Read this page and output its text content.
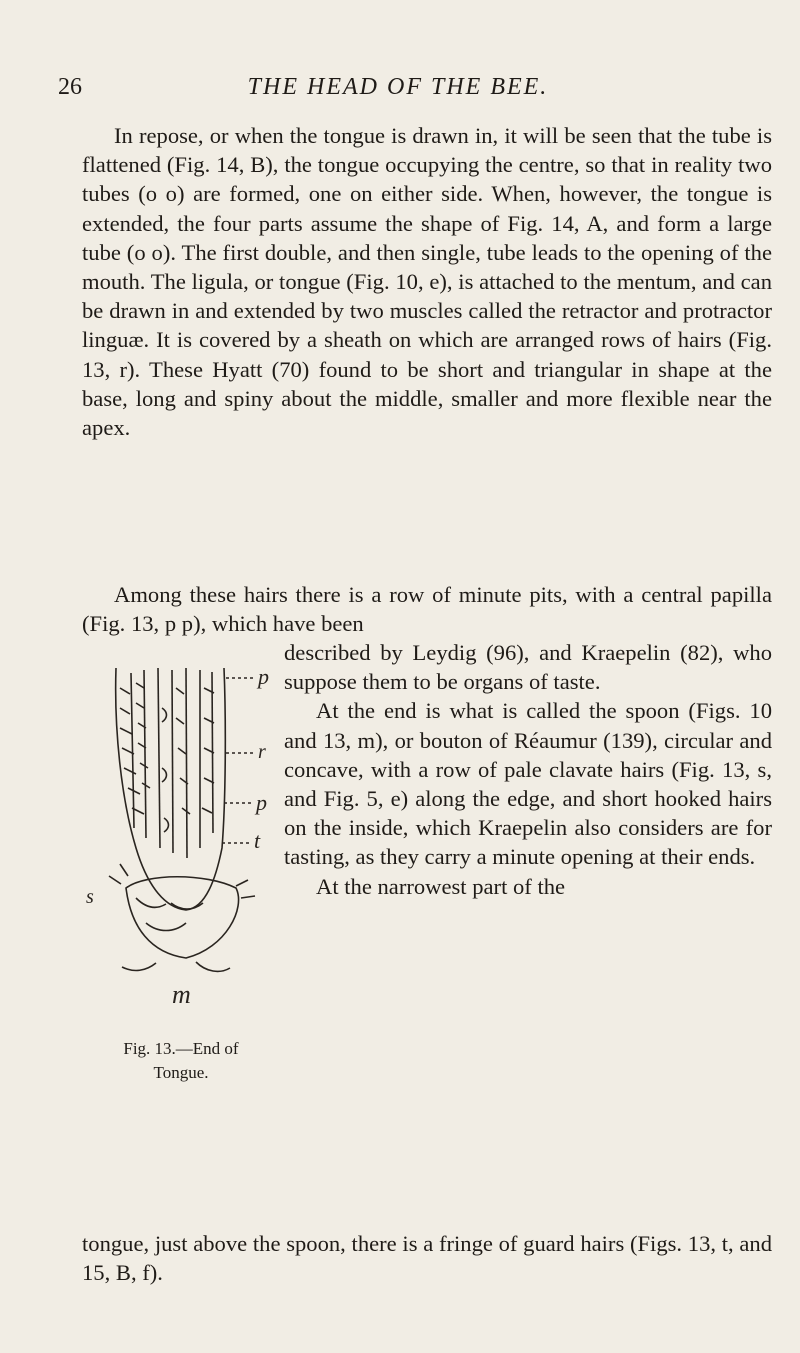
26	THE HEAD OF THE BEE.
In repose, or when the tongue is drawn in, it will be seen that the tube is flattened (Fig. 14, B), the tongue occupying the centre, so that in reality two tubes (o o) are formed, one on either side. When, however, the tongue is extended, the four parts assume the shape of Fig. 14, A, and form a large tube (o o). The first double, and then single, tube leads to the opening of the mouth. The ligula, or tongue (Fig. 10, e), is attached to the mentum, and can be drawn in and extended by two muscles called the retractor and protractor linguæ. It is covered by a sheath on which are arranged rows of hairs (Fig. 13, r). These Hyatt (70) found to be short and triangular in shape at the base, long and spiny about the middle, smaller and more flexible near the apex.
Among these hairs there is a row of minute pits, with a central papilla (Fig. 13, p p), which have been
described by Leydig (96), and Kraepelin (82), who suppose them to be organs of taste.
At the end is what is called the spoon (Figs. 10 and 13, m), or bouton of Réaumur (139), circular and concave, with a row of pale clavate hairs (Fig. 13, s, and Fig. 5, e) along the edge, and short hooked hairs on the inside, which Kraepelin also considers are for tasting, as they carry a minute opening at their ends.
At the narrowest part of the
tongue, just above the spoon, there is a fringe of guard hairs (Figs. 13, t, and 15, B, f).
p
r
p
t
s
m
Fig. 13.—End of
Tongue.
